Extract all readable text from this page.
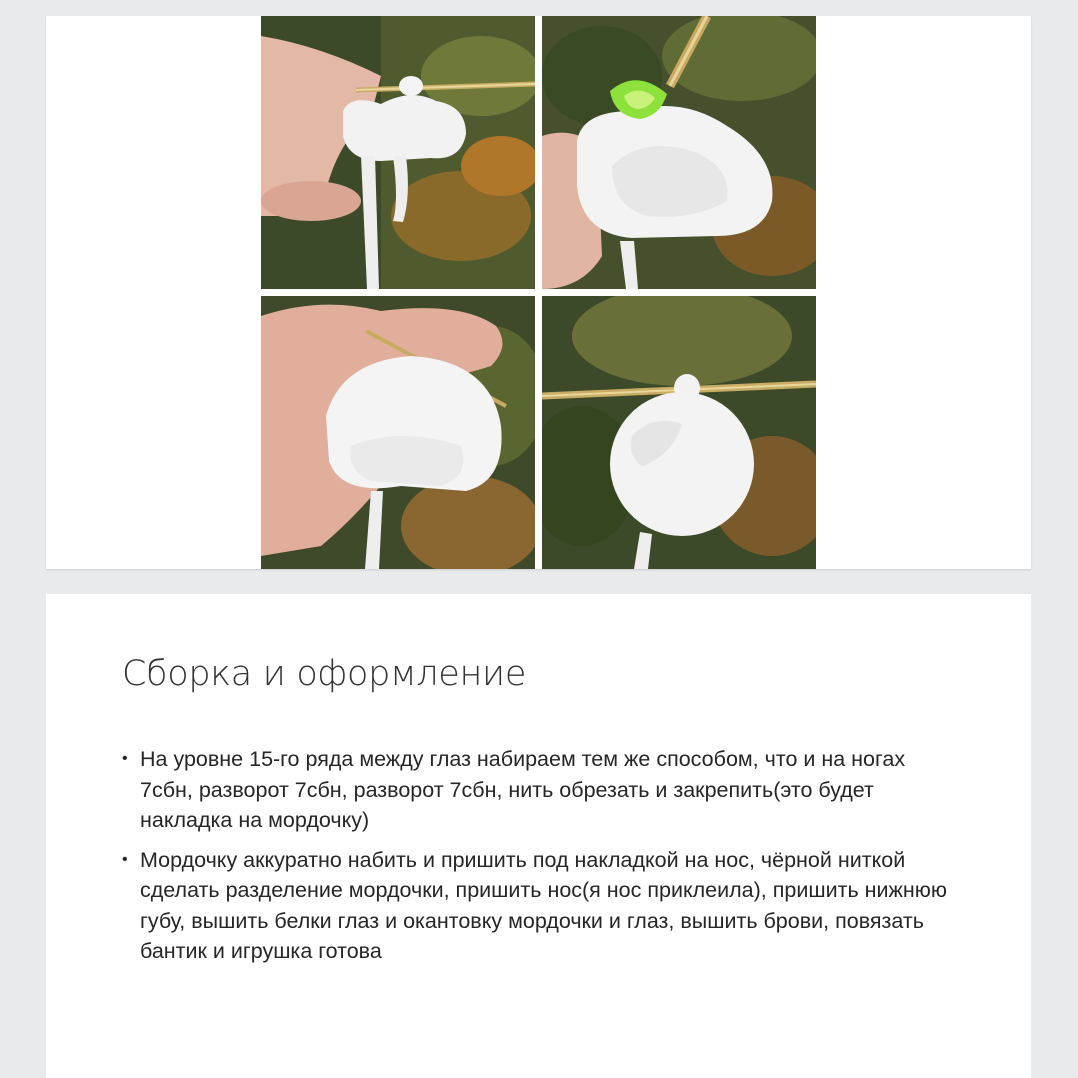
Сборка и оформление
• На уровне 15-го ряда между глаз набираем тем же способом, что и на ногах 7сбн, разворот 7сбн, разворот 7сбн, нить обрезать и закрепить(это будет накладка на мордочку)
• Мордочку аккуратно набить и пришить под накладкой на нос, чёрной ниткой сделать разделение мордочки, пришить нос(я нос приклеила), пришить нижнюю губу, вышить белки глаз и окантовку мордочки и глаз, вышить брови, повязать бантик и игрушка готова
